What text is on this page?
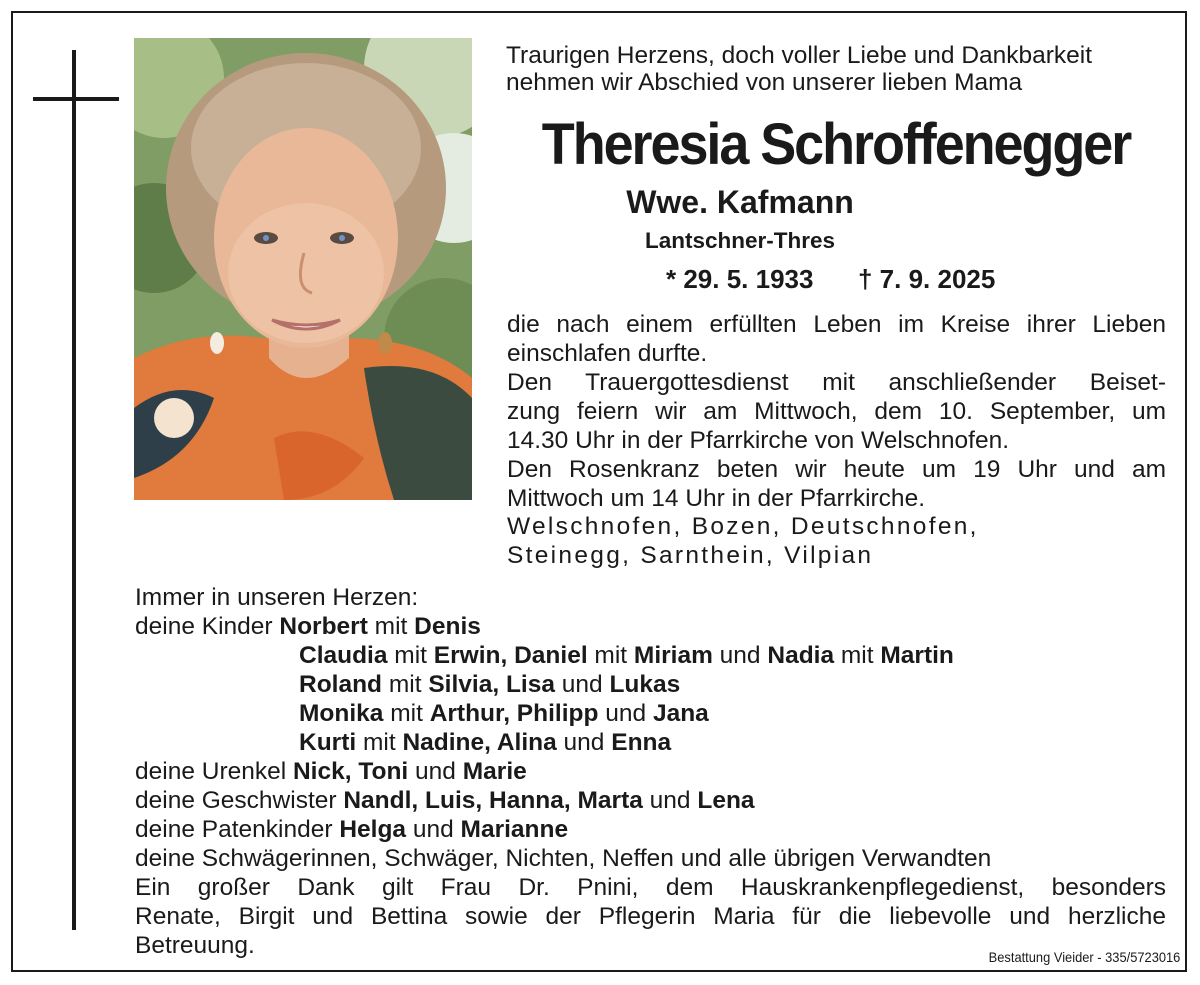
Traurigen Herzens, doch voller Liebe und Dankbarkeit
nehmen wir Abschied von unserer lieben Mama
Theresia Schroffenegger
Wwe. Kafmann
Lantschner-Thres
* 29. 5. 1933 † 7. 9. 2025
die nach einem erfüllten Leben im Kreise ihrer Lieben
einschlafen durfte.
Den Trauergottesdienst mit anschließender Beiset-
zung feiern wir am Mittwoch, dem 10. September, um
14.30 Uhr in der Pfarrkirche von Welschnofen.
Den Rosenkranz beten wir heute um 19 Uhr und am
Mittwoch um 14 Uhr in der Pfarrkirche.
Welschnofen, Bozen, Deutschnofen,
Steinegg, Sarnthein, Vilpian
Immer in unseren Herzen:
deine Kinder Norbert mit Denis
Claudia mit Erwin, Daniel mit Miriam und Nadia mit Martin
Roland mit Silvia, Lisa und Lukas
Monika mit Arthur, Philipp und Jana
Kurti mit Nadine, Alina und Enna
deine Urenkel Nick, Toni und Marie
deine Geschwister Nandl, Luis, Hanna, Marta und Lena
deine Patenkinder Helga und Marianne
deine Schwägerinnen, Schwäger, Nichten, Neffen und alle übrigen Verwandten
Ein großer Dank gilt Frau Dr. Pnini, dem Hauskrankenpflegedienst, besonders
Renate, Birgit und Bettina sowie der Pflegerin Maria für die liebevolle und herzliche
Betreuung.	Bestattung Vieider - 335/5723016
